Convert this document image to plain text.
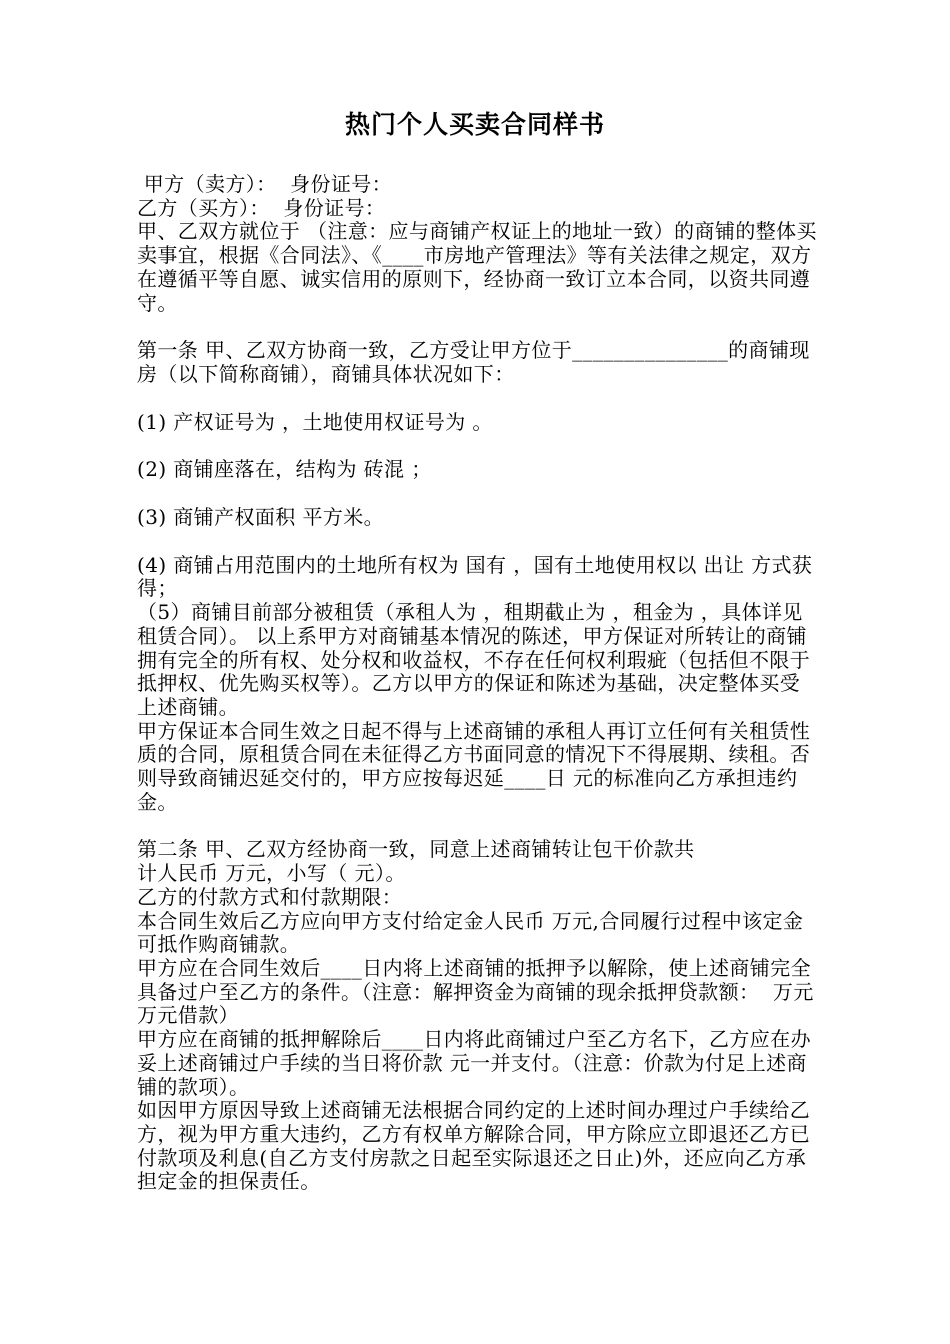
热门个人买卖合同样书

甲方（卖方）：  身份证号：

乙方（买方）：  身份证号：

甲、乙双方就位于 （注意：应与商铺产权证上的地址一致）的商铺的整体买卖事宜，根据《合同法》、《____市房地产管理法》等有关法律之规定，双方在遵循平等自愿、诚实信用的原则下，经协商一致订立本合同，以资共同遵守。

第一条 甲、乙双方协商一致，乙方受让甲方位于_______________的商铺现房（以下简称商铺），商铺具体状况如下：

(1) 产权证号为 ，土地使用权证号为 。

(2) 商铺座落在，结构为 砖混 ；

(3) 商铺产权面积 平方米。

(4) 商铺占用范围内的土地所有权为 国有 ，国有土地使用权以 出让 方式获得；

（5）商铺目前部分被租赁（承租人为 ，租期截止为 ，租金为 ，具体详见租赁合同）。 以上系甲方对商铺基本情况的陈述，甲方保证对所转让的商铺拥有完全的所有权、处分权和收益权，不存在任何权利瑕疵（包括但不限于抵押权、优先购买权等）。乙方以甲方的保证和陈述为基础，决定整体买受上述商铺。

甲方保证本合同生效之日起不得与上述商铺的承租人再订立任何有关租赁性质的合同，原租赁合同在未征得乙方书面同意的情况下不得展期、续租。否则导致商铺迟延交付的，甲方应按每迟延____日 元的标准向乙方承担违约金。

第二条 甲、乙双方经协商一致，同意上述商铺转让包干价款共
计人民币 万元，小写（ 元）。

乙方的付款方式和付款期限：

本合同生效后乙方应向甲方支付给定金人民币 万元,合同履行过程中该定金可抵作购商铺款。

甲方应在合同生效后____日内将上述商铺的抵押予以解除，使上述商铺完全具备过户至乙方的条件。（注意：解押资金为商铺的现余抵押贷款额：  万元 万元借款）

甲方应在商铺的抵押解除后____日内将此商铺过户至乙方名下，乙方应在办妥上述商铺过户手续的当日将价款 元一并支付。（注意：价款为付足上述商铺的款项）。

如因甲方原因导致上述商铺无法根据合同约定的上述时间办理过户手续给乙方，视为甲方重大违约，乙方有权单方解除合同，甲方除应立即退还乙方已付款项及利息(自乙方支付房款之日起至实际退还之日止)外，还应向乙方承担定金的担保责任。
